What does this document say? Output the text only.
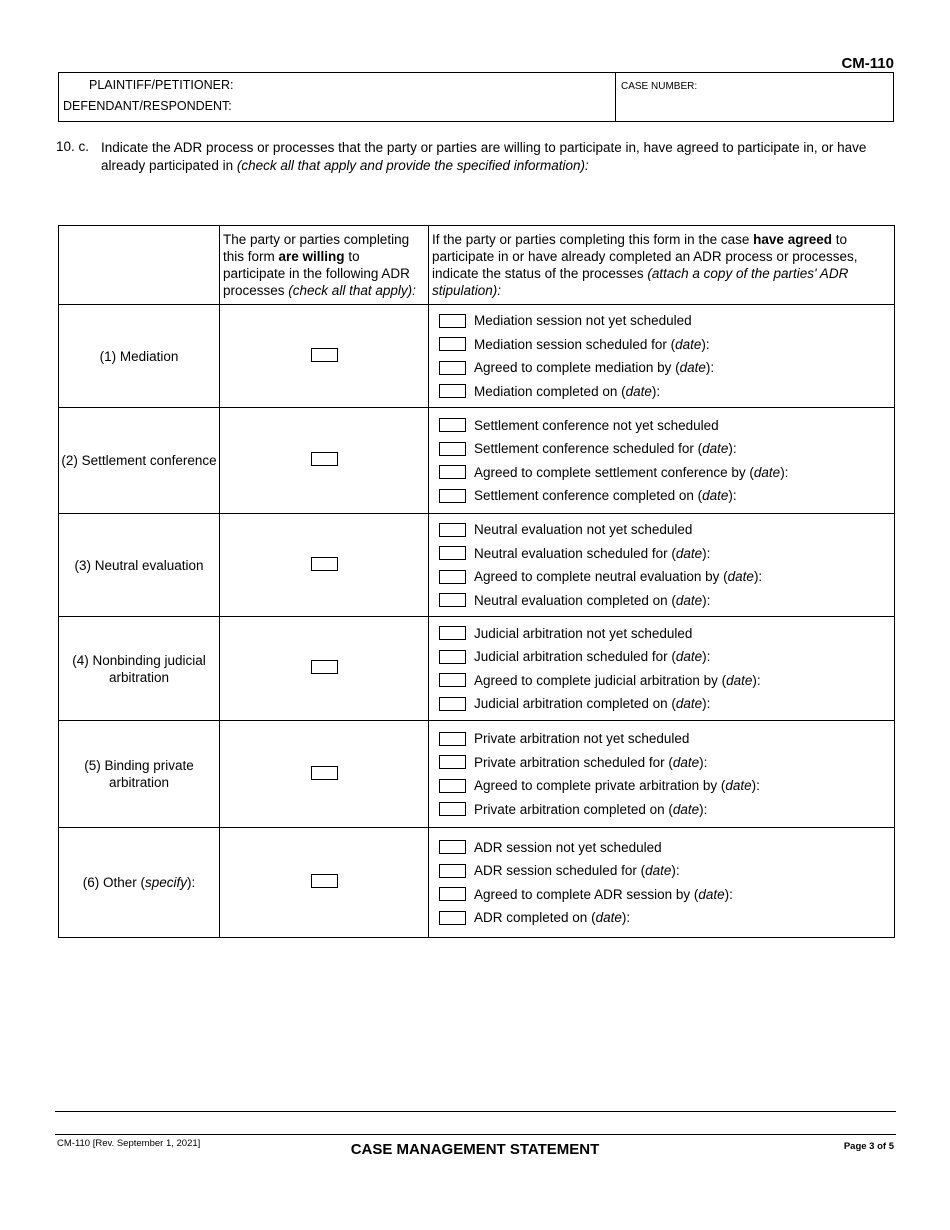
CM-110
PLAINTIFF/PETITIONER:
DEFENDANT/RESPONDENT:
CASE NUMBER:
10. c. Indicate the ADR process or processes that the party or parties are willing to participate in, have agreed to participate in, or have already participated in (check all that apply and provide the specified information):
	The party or parties completing this form are willing to participate in the following ADR processes (check all that apply):	If the party or parties completing this form in the case have agreed to participate in or have already completed an ADR process or processes, indicate the status of the processes (attach a copy of the parties' ADR stipulation):
(1) Mediation		Mediation session not yet scheduled
Mediation session scheduled for (date):
Agreed to complete mediation by (date):
Mediation completed on (date):

(2) Settlement conference		Settlement conference not yet scheduled
Settlement conference scheduled for (date):
Agreed to complete settlement conference by (date):
Settlement conference completed on (date):

(3) Neutral evaluation		Neutral evaluation not yet scheduled
Neutral evaluation scheduled for (date):
Agreed to complete neutral evaluation by (date):
Neutral evaluation completed on (date):

(4) Nonbinding judicial arbitration		Judicial arbitration not yet scheduled
Judicial arbitration scheduled for (date):
Agreed to complete judicial arbitration by (date):
Judicial arbitration completed on (date):

(5) Binding private arbitration		Private arbitration not yet scheduled
Private arbitration scheduled for (date):
Agreed to complete private arbitration by (date):
Private arbitration completed on (date):

(6) Other (specify):		ADR session not yet scheduled
ADR session scheduled for (date):
Agreed to complete ADR session by (date):
ADR completed on (date):
CM-110 [Rev. September 1, 2021]	CASE MANAGEMENT STATEMENT	Page 3 of 5
